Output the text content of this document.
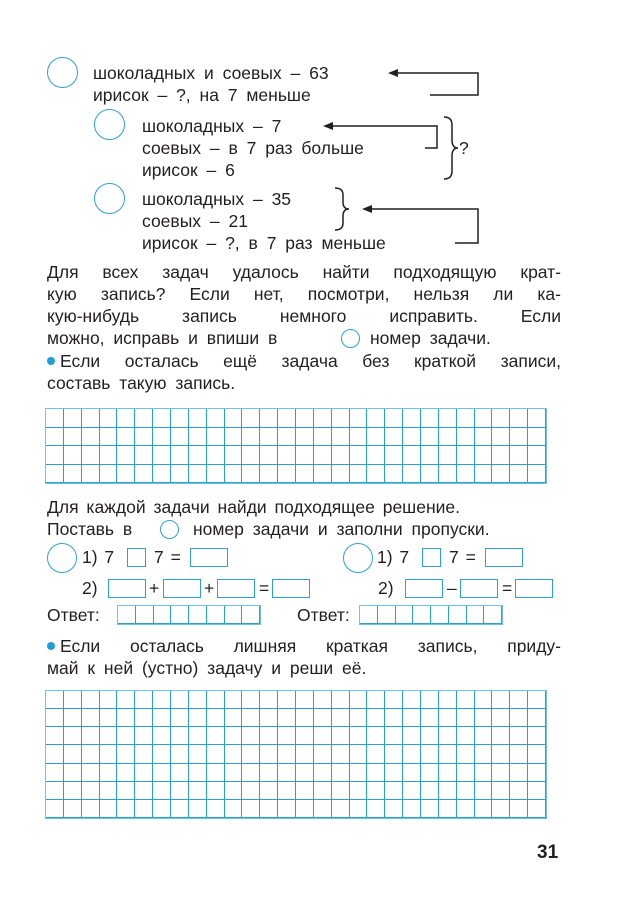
шоколадных и соевых – 63
ирисок – ?, на 7 меньше
шоколадных – 7
соевых – в 7 раз больше
ирисок – 6
?
шоколадных – 35
соевых – 21
ирисок – ?, в 7 раз меньше
Для всех задач удалось найти подходящую крат-
кую запись? Если нет, посмотри, нельзя ли ка-
кую-нибудь запись немного исправить. Если
можно, исправь и впиши в	номер задачи.
Если осталась ещё задача без краткой записи,
составь такую запись.
Для каждой задачи найди подходящее решение.
Поставь в	номер задачи и заполни пропуски.
1) 7 7 =
2)	+	+	=
Ответ:
1) 7 7 =
2)	–	=
Ответ:
Если осталась лишняя краткая запись, приду-
май к ней (устно) задачу и реши её.
31
